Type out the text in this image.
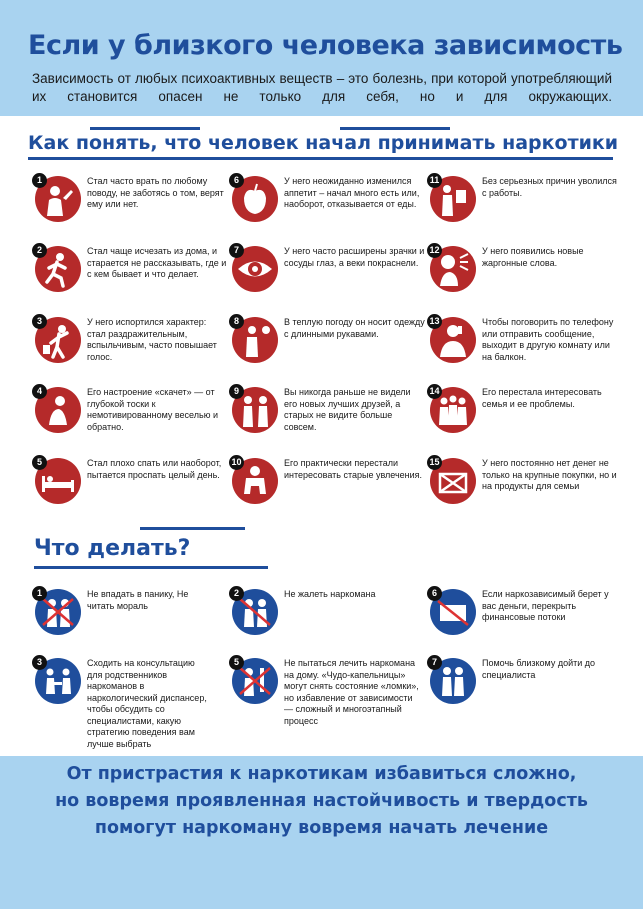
Если у близкого человека зависимость
Зависимость от любых психоактивных веществ – это болезнь, при которой употребляющий их становится опасен не только для себя, но и для окружающих.
Как понять, что человек начал принимать наркотики
1	Стал часто врать по любому поводу, не заботясь о том, верят ему или нет.
2	Стал чаще исчезать из дома, и старается не рассказывать, где и с кем бывает и что делает.
3	У него испортился характер: стал раздражительным, вспыльчивым, часто повышает голос.
4	Его настроение «скачет» — от глубокой тоски к немотивированному веселью и обратно.
5	Стал плохо спать или наоборот, пытается проспать целый день.
6	У него неожиданно изменился аппетит – начал много есть или, наоборот, отказывается от еды.
7	У него часто расширены зрачки и сосуды глаз, а веки покраснели.
8	В теплую погоду он носит одежду с длинными рукавами.
9	Вы никогда раньше не видели его новых лучших друзей, а старых не видите больше совсем.
10	Его практически перестали интересовать старые увлечения.
11	Без серьезных причин уволился с работы.
12	У него появились новые жаргонные слова.
13	Чтобы поговорить по телефону или отправить сообщение, выходит в другую комнату или на балкон.
14	Его перестала интересовать семья и ее проблемы.
15	У него постоянно нет денег не только на крупные покупки, но и на продукты для семьи
Что делать?
1	Не впадать в панику, Не читать мораль
2	Не жалеть наркомана	6	Если наркозависимый берет у вас деньги, перекрыть финансовые потоки
3	Сходить на консультацию для родственников наркоманов в наркологический диспансер, чтобы обсудить со специалистами, какую стратегию поведения вам лучше выбрать
5	Не пытаться лечить наркомана на дому. «Чудо-капельницы» могут снять состояние «ломки», но избавление от зависимости — сложный и многоэтапный процесс
7	Помочь близкому дойти до специалиста
От пристрастия к наркотикам избавиться сложно,
но вовремя проявленная настойчивость и твердость
помогут наркоману вовремя начать лечение
